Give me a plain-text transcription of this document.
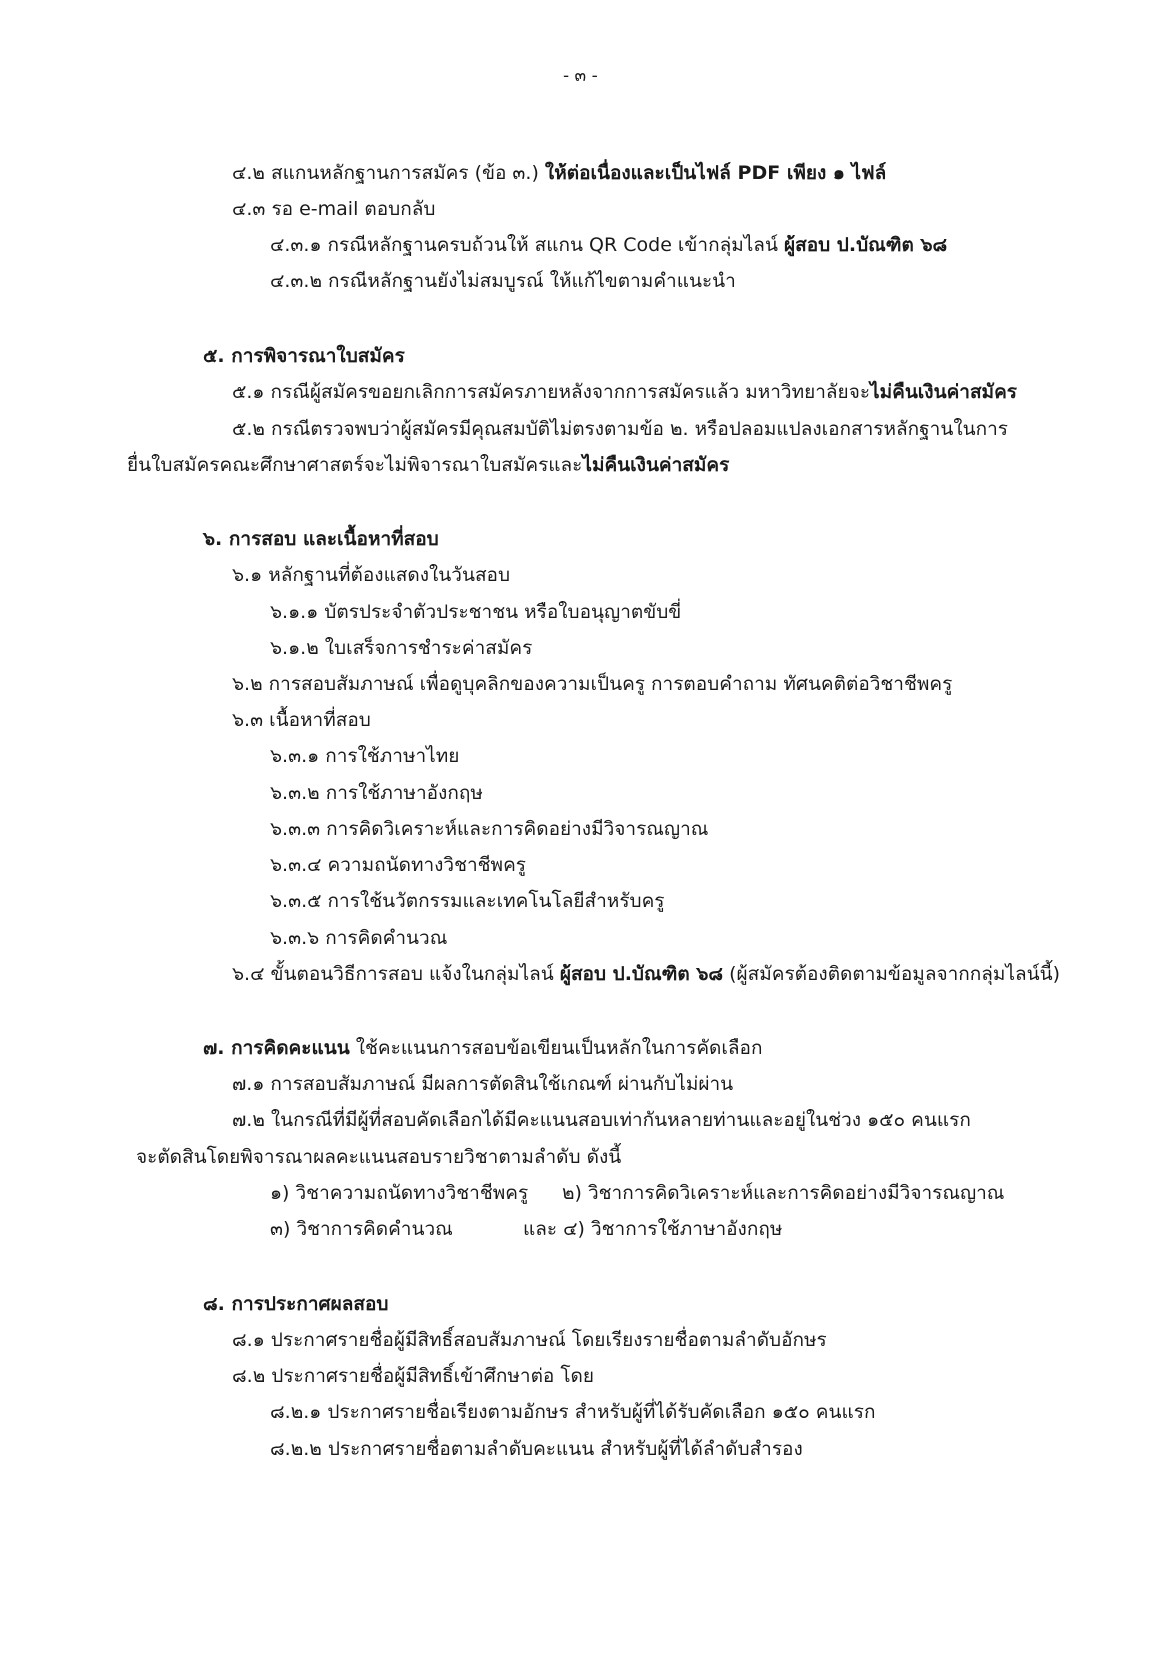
- ๓ -
๔.๒ สแกนหลักฐานการสมัคร (ข้อ ๓.) ให้ต่อเนื่องและเป็นไฟล์ PDF เพียง ๑ ไฟล์
๔.๓ รอ e-mail ตอบกลับ
๔.๓.๑ กรณีหลักฐานครบถ้วนให้ สแกน QR Code เข้ากลุ่มไลน์ ผู้สอบ ป.บัณฑิต ๖๘
๔.๓.๒ กรณีหลักฐานยังไม่สมบูรณ์ ให้แก้ไขตามคำแนะนำ
๕. การพิจารณาใบสมัคร
๕.๑ กรณีผู้สมัครขอยกเลิกการสมัครภายหลังจากการสมัครแล้ว มหาวิทยาลัยจะไม่คืนเงินค่าสมัคร
๕.๒ กรณีตรวจพบว่าผู้สมัครมีคุณสมบัติไม่ตรงตามข้อ ๒. หรือปลอมแปลงเอกสารหลักฐานในการ
ยื่นใบสมัครคณะศึกษาศาสตร์จะไม่พิจารณาใบสมัครและไม่คืนเงินค่าสมัคร
๖. การสอบ และเนื้อหาที่สอบ
๖.๑ หลักฐานที่ต้องแสดงในวันสอบ
๖.๑.๑ บัตรประจำตัวประชาชน หรือใบอนุญาตขับขี่
๖.๑.๒ ใบเสร็จการชำระค่าสมัคร
๖.๒ การสอบสัมภาษณ์ เพื่อดูบุคลิกของความเป็นครู การตอบคำถาม ทัศนคติต่อวิชาชีพครู
๖.๓ เนื้อหาที่สอบ
๖.๓.๑ การใช้ภาษาไทย
๖.๓.๒ การใช้ภาษาอังกฤษ
๖.๓.๓ การคิดวิเคราะห์และการคิดอย่างมีวิจารณญาณ
๖.๓.๔ ความถนัดทางวิชาชีพครู
๖.๓.๕ การใช้นวัตกรรมและเทคโนโลยีสำหรับครู
๖.๓.๖ การคิดคำนวณ
๖.๔ ขั้นตอนวิธีการสอบ แจ้งในกลุ่มไลน์ ผู้สอบ ป.บัณฑิต ๖๘ (ผู้สมัครต้องติดตามข้อมูลจากกลุ่มไลน์นี้)
๗. การคิดคะแนน ใช้คะแนนการสอบข้อเขียนเป็นหลักในการคัดเลือก
๗.๑ การสอบสัมภาษณ์ มีผลการตัดสินใช้เกณฑ์ ผ่านกับไม่ผ่าน
๗.๒ ในกรณีที่มีผู้ที่สอบคัดเลือกได้มีคะแนนสอบเท่ากันหลายท่านและอยู่ในช่วง ๑๕๐ คนแรก
จะตัดสินโดยพิจารณาผลคะแนนสอบรายวิชาตามลำดับ ดังนี้
๑) วิชาความถนัดทางวิชาชีพครู ๒) วิชาการคิดวิเคราะห์และการคิดอย่างมีวิจารณญาณ
๓) วิชาการคิดคำนวณ	และ ๔) วิชาการใช้ภาษาอังกฤษ
๘. การประกาศผลสอบ
๘.๑ ประกาศรายชื่อผู้มีสิทธิ์สอบสัมภาษณ์ โดยเรียงรายชื่อตามลำดับอักษร
๘.๒ ประกาศรายชื่อผู้มีสิทธิ์เข้าศึกษาต่อ โดย
๘.๒.๑ ประกาศรายชื่อเรียงตามอักษร สำหรับผู้ที่ได้รับคัดเลือก ๑๕๐ คนแรก
๘.๒.๒ ประกาศรายชื่อตามลำดับคะแนน สำหรับผู้ที่ได้ลำดับสำรอง
